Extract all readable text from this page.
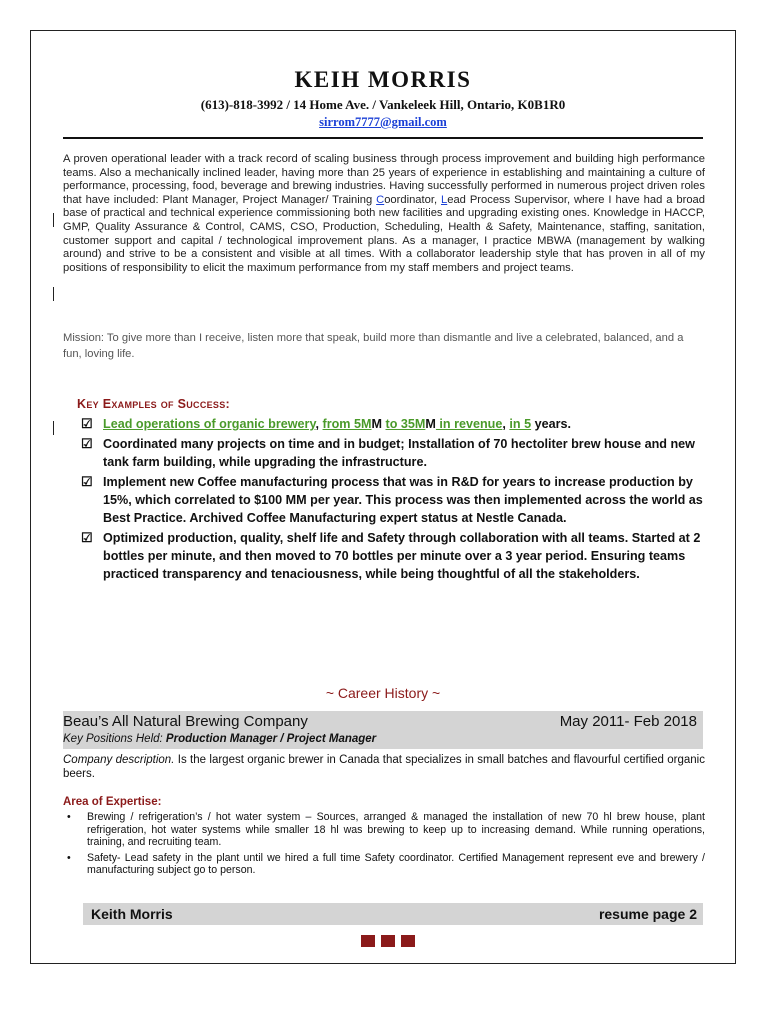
KEIH MORRIS
(613)-818-3992 / 14 Home Ave. / Vankeleek Hill, Ontario, K0B1R0
sirrom7777@gmail.com
A proven operational leader with a track record of scaling business through process improvement and building high performance teams. Also a mechanically inclined leader, having more than 25 years of experience in establishing and maintaining a culture of performance, processing, food, beverage and brewing industries. Having successfully performed in numerous project driven roles that have included: Plant Manager, Project Manager/ Training Coordinator, Lead Process Supervisor, where I have had a broad base of practical and technical experience commissioning both new facilities and upgrading existing ones. Knowledge in HACCP, GMP, Quality Assurance & Control, CAMS, CSO, Production, Scheduling, Health & Safety, Maintenance, staffing, sanitation, customer support and capital / technological improvement plans. As a manager, I practice MBWA (management by walking around) and strive to be a consistent and visible at all times. With a collaborator leadership style that has proven in all of my positions of responsibility to elicit the maximum performance from my staff members and project teams.
Mission: To give more than I receive, listen more that speak, build more than dismantle and live a celebrated, balanced, and a fun, loving life.
Key Examples of Success:
☑ Lead operations of organic brewery, from 5MM to 35MM in revenue, in 5 years.
☑ Coordinated many projects on time and in budget; Installation of 70 hectoliter brew house and new tank farm building, while upgrading the infrastructure.
☑ Implement new Coffee manufacturing process that was in R&D for years to increase production by 15%, which correlated to $100 MM per year. This process was then implemented across the world as Best Practice. Archived Coffee Manufacturing expert status at Nestle Canada.
☑ Optimized production, quality, shelf life and Safety through collaboration with all teams. Started at 2 bottles per minute, and then moved to 70 bottles per minute over a 3 year period. Ensuring teams practiced transparency and tenaciousness, while being thoughtful of all the stakeholders.
~ Career History ~
Beau’s All Natural Brewing Company	May 2011- Feb 2018
Key Positions Held: Production Manager / Project Manager
Company description. Is the largest organic brewer in Canada that specializes in small batches and flavourful certified organic beers.
Area of Expertise:
•	Brewing / refrigeration’s / hot water system – Sources, arranged & managed the installation of new 70 hl brew house, plant refrigeration, hot water systems while smaller 18 hl was brewing to keep up to increasing demand. While running operations, training, and recruiting team.
•	Safety- Lead safety in the plant until we hired a full time Safety coordinator. Certified Management represent eve and brewery / manufacturing subject go to person.
Keith Morris	resume page 2
